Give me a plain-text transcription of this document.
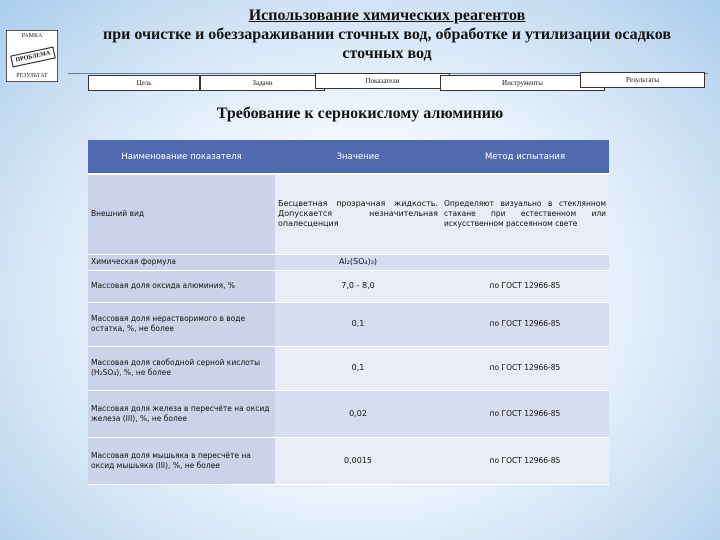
РАМКА
ПРОБЛЕМА
РЕЗУЛЬТАТ
Использование химических реагентов
при очистке и обеззараживании сточных вод, обработке и утилизации осадков
сточных вод
Цель	Задачи	Показатели	Инструменты	Результаты
Требование к сернокислому алюминию
Наименование показателя	Значение	Метод испытания
Внешний вид	Бесцветная прозрачная жидкость. Допускается незначительная опалесценция	Определяют визуально в стеклянном стакане при естественном или искусственном рассеянном свете
Химическая формула	Al₂(SO₄)₃)	
Массовая доля оксида алюминия, %	7,0 - 8,0	по ГОСТ 12966-85
Массовая доля нерастворимого в воде остатка, %, не более	0,1	по ГОСТ 12966-85
Массовая доля свободной серной кислоты (H₂SO₄), %, не более	0,1	по ГОСТ 12966-85
Массовая доля железа в пересчёте на оксид железа (III), %, не более	0,02	по ГОСТ 12966-85
Массовая доля мышьяка в пересчёте на оксид мышьяка (III), %, не более	0,0015	по ГОСТ 12966-85
